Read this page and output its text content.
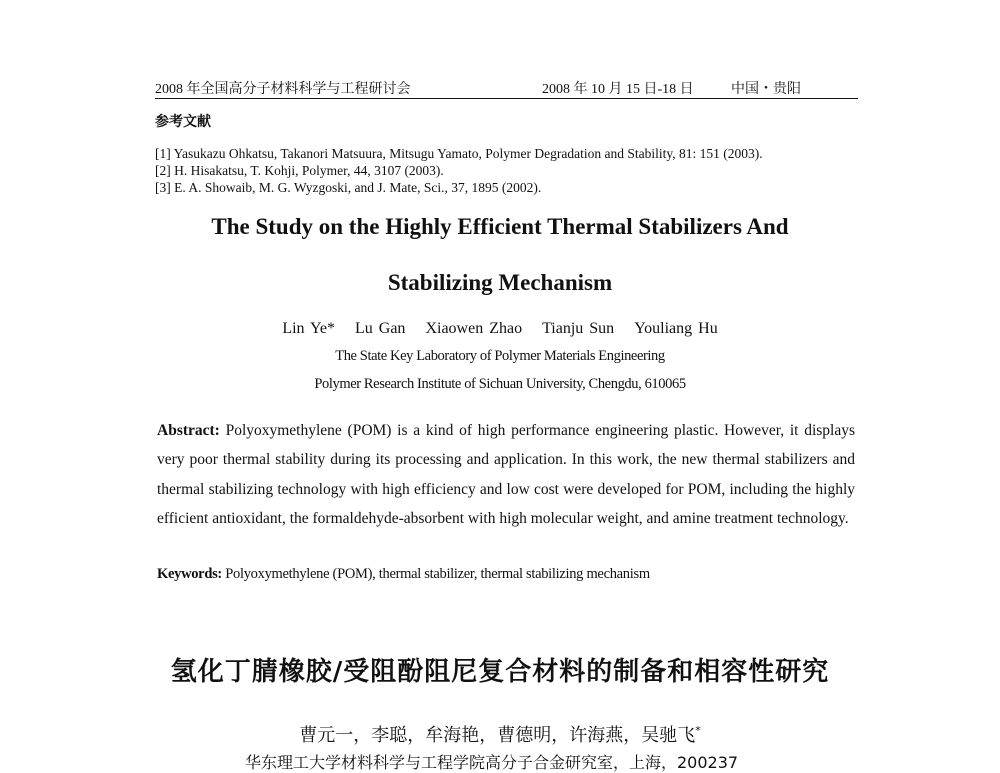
2008 年全国高分子材料科学与工程研讨会	2008 年 10 月 15 日-18 日	中国・贵阳
参考文献
[1] Yasukazu Ohkatsu, Takanori Matsuura, Mitsugu Yamato, Polymer Degradation and Stability, 81: 151 (2003).
[2] H. Hisakatsu, T. Kohji, Polymer, 44, 3107 (2003).
[3] E. A. Showaib, M. G. Wyzgoski, and J. Mate, Sci., 37, 1895 (2002).
The Study on the Highly Efficient Thermal Stabilizers And
Stabilizing Mechanism
Lin Ye* Lu Gan Xiaowen Zhao Tianju Sun Youliang Hu
The State Key Laboratory of Polymer Materials Engineering
Polymer Research Institute of Sichuan University, Chengdu, 610065

Abstract: Polyoxymethylene (POM) is a kind of high performance engineering plastic. However, it displays very poor thermal stability during its processing and application. In this work, the new thermal stabilizers and thermal stabilizing technology with high efficiency and low cost were developed for POM, including the highly efficient antioxidant, the formaldehyde-absorbent with high molecular weight, and amine treatment technology.

Keywords: Polyoxymethylene (POM), thermal stabilizer, thermal stabilizing mechanism
氢化丁腈橡胶/受阻酚阻尼复合材料的制备和相容性研究
曹元一，李聪，牟海艳，曹德明，许海燕，吴驰飞*
华东理工大学材料科学与工程学院高分子合金研究室，上海，200237
